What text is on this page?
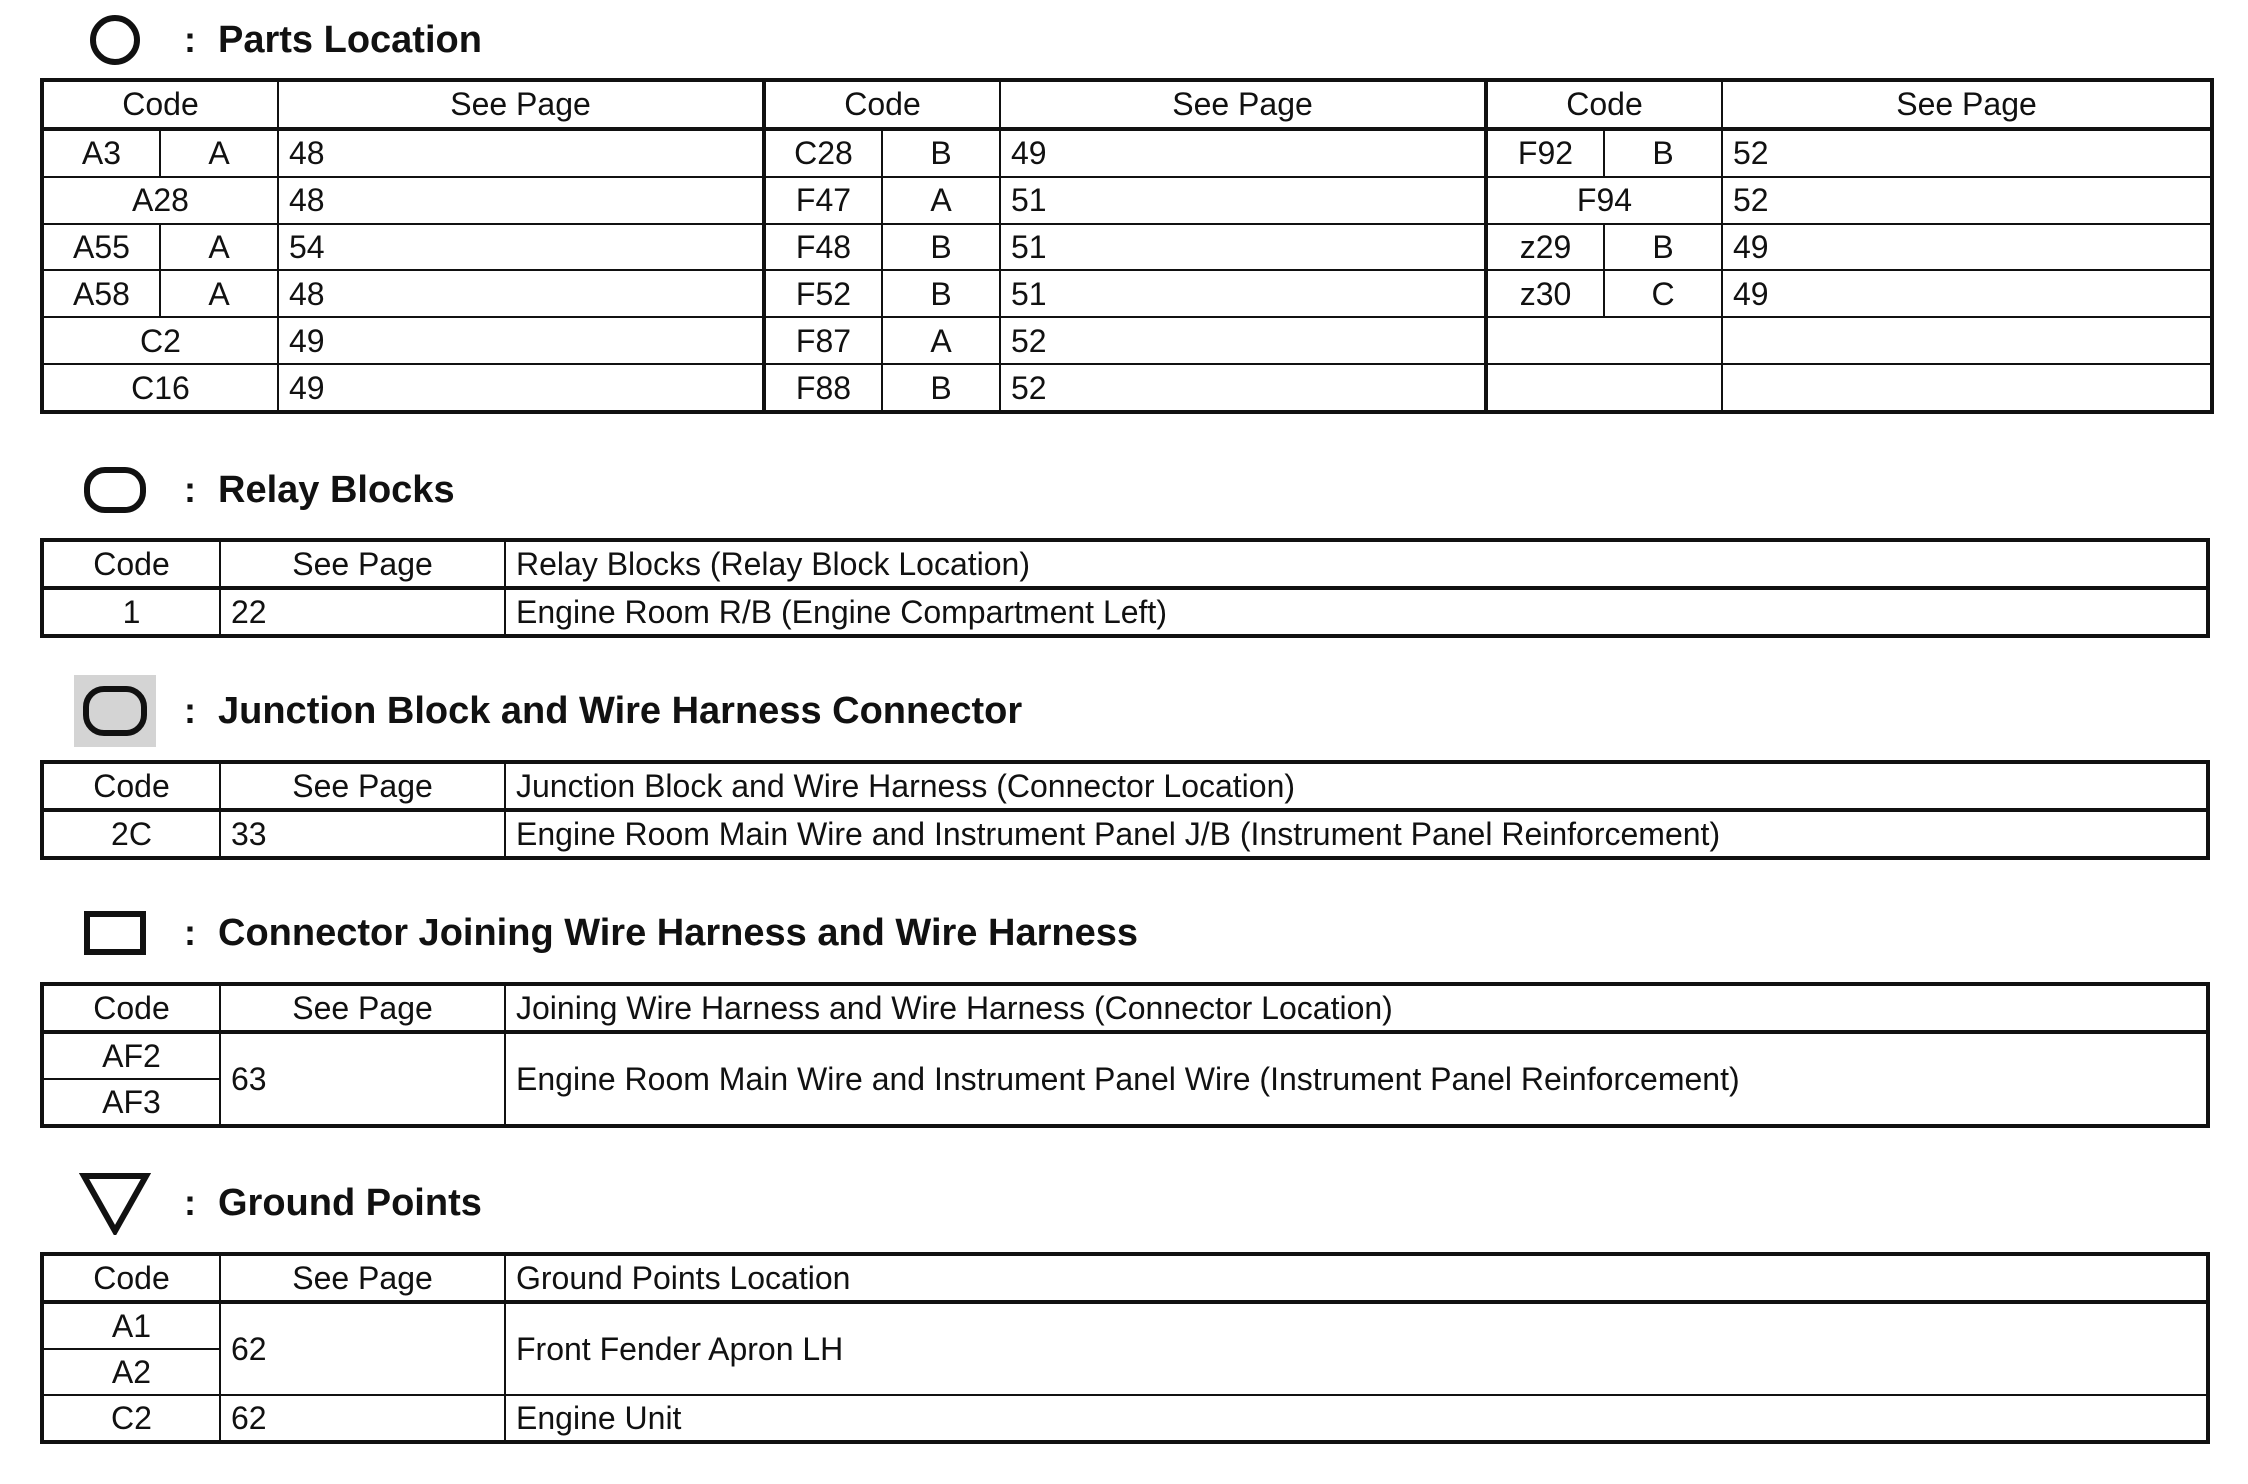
: Parts Location
Code		See Page	Code		See Page	Code		See Page
A3	A	48	C28	B	49	F92	B	52
A28		48	F47	A	51	F94		52
A55	A	54	F48	B	51	z29	B	49
A58	A	48	F52	B	51	z30	C	49
C2		49	F87	A	52			
C16		49	F88	B	52			
: Relay Blocks
Code	See Page	Relay Blocks (Relay Block Location)
1	22	Engine Room R/B (Engine Compartment Left)
: Junction Block and Wire Harness Connector
Code	See Page	Junction Block and Wire Harness (Connector Location)
2C	33	Engine Room Main Wire and Instrument Panel J/B (Instrument Panel Reinforcement)
: Connector Joining Wire Harness and Wire Harness
Code	See Page	Joining Wire Harness and Wire Harness (Connector Location)
AF2	63	Engine Room Main Wire and Instrument Panel Wire (Instrument Panel Reinforcement)
AF3		
: Ground Points
Code	See Page	Ground Points Location
A1	62	Front Fender Apron LH
A2		
C2	62	Engine Unit
